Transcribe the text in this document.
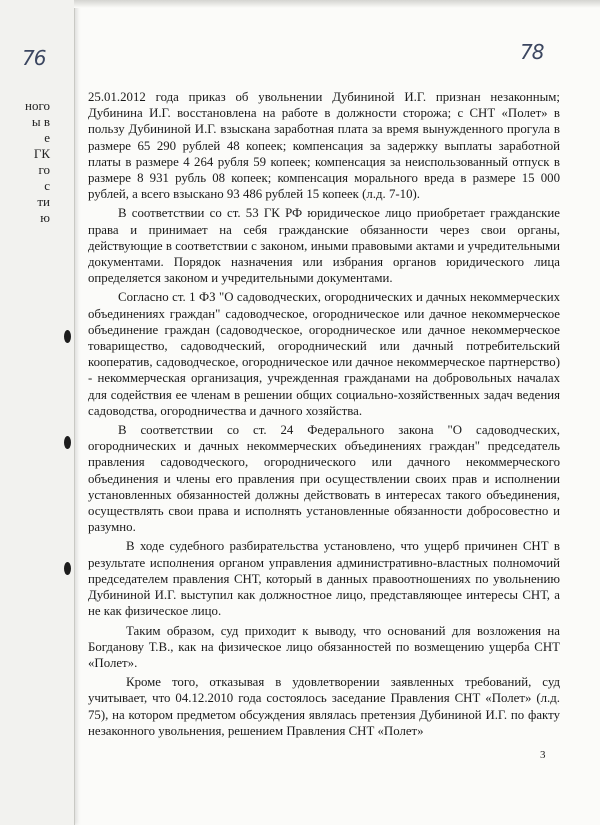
ного
ы в
е
ГК
го
с
ти
ю
76	78

25.01.2012 года приказ об увольнении Дубининой И.Г. признан незаконным; Дубинина И.Г. восстановлена на работе в должности сторожа; с СНТ «Полет» в пользу Дубининой И.Г. взыскана заработная плата за время вынужденного прогула в размере 65 290 рублей 48 копеек; компенсация за задержку выплаты заработной платы в размере 4 264 рубля 59 копеек; компенсация за неиспользованный отпуск в размере 8 931 рубль 08 копеек; компенсация морального вреда в размере 15 000 рублей, а всего взыскано 93 486 рублей 15 копеек (л.д. 7-10).

В соответствии со ст. 53 ГК РФ юридическое лицо приобретает гражданские права и принимает на себя гражданские обязанности через свои органы, действующие в соответствии с законом, иными правовыми актами и учредительными документами. Порядок назначения или избрания органов юридического лица определяется законом и учредительными документами.

Согласно ст. 1 ФЗ "О садоводческих, огороднических и дачных некоммерческих объединениях граждан" садоводческое, огородническое или дачное некоммерческое объединение граждан (садоводческое, огородническое или дачное некоммерческое товарищество, садоводческий, огороднический или дачный потребительский кооператив, садоводческое, огородническое или дачное некоммерческое партнерство) - некоммерческая организация, учрежденная гражданами на добровольных началах для содействия ее членам в решении общих социально-хозяйственных задач ведения садоводства, огородничества и дачного хозяйства.

В соответствии со ст. 24 Федерального закона "О садоводческих, огороднических и дачных некоммерческих объединениях граждан" председатель правления садоводческого, огороднического или дачного некоммерческого объединения и члены его правления при осуществлении своих прав и исполнении установленных обязанностей должны действовать в интересах такого объединения, осуществлять свои права и исполнять установленные обязанности добросовестно и разумно.

В ходе судебного разбирательства установлено, что ущерб причинен СНТ в результате исполнения органом управления административно-властных полномочий председателем правления СНТ, который в данных правоотношениях по увольнению Дубининой И.Г. выступил как должностное лицо, представляющее интересы СНТ, а не как физическое лицо.

Таким образом, суд приходит к выводу, что оснований для возложения на Богданову Т.В., как на физическое лицо обязанностей по возмещению ущерба СНТ «Полет».

Кроме того, отказывая в удовлетворении заявленных требований, суд учитывает, что 04.12.2010 года состоялось заседание Правления СНТ «Полет» (л.д. 75), на котором предметом обсуждения являлась претензия Дубининой И.Г. по факту незаконного увольнения, решением Правления СНТ «Полет»

3
